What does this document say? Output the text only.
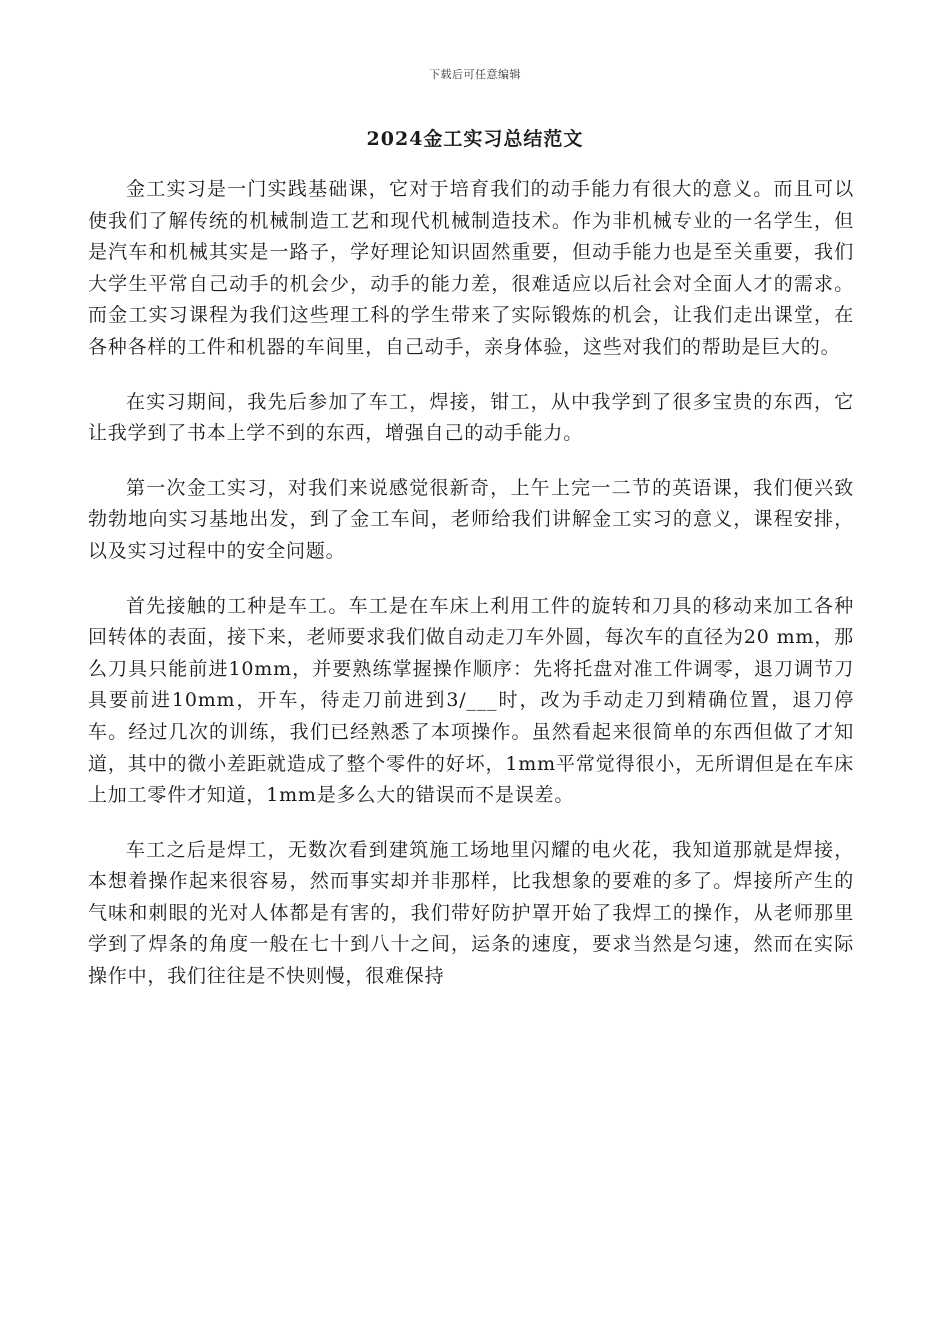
下载后可任意编辑
2024金工实习总结范文

金工实习是一门实践基础课，它对于培育我们的动手能力有很大的意义。而且可以使我们了解传统的机械制造工艺和现代机械制造技术。作为非机械专业的一名学生，但是汽车和机械其实是一路子，学好理论知识固然重要，但动手能力也是至关重要，我们大学生平常自己动手的机会少，动手的能力差，很难适应以后社会对全面人才的需求。而金工实习课程为我们这些理工科的学生带来了实际锻炼的机会，让我们走出课堂，在各种各样的工件和机器的车间里，自己动手，亲身体验，这些对我们的帮助是巨大的。

在实习期间，我先后参加了车工，焊接，钳工，从中我学到了很多宝贵的东西，它让我学到了书本上学不到的东西，增强自己的动手能力。

第一次金工实习，对我们来说感觉很新奇，上午上完一二节的英语课，我们便兴致勃勃地向实习基地出发，到了金工车间，老师给我们讲解金工实习的意义，课程安排，以及实习过程中的安全问题。

首先接触的工种是车工。车工是在车床上利用工件的旋转和刀具的移动来加工各种回转体的表面，接下来，老师要求我们做自动走刀车外圆，每次车的直径为20 mm，那么刀具只能前进10mm，并要熟练掌握操作顺序：先将托盘对准工件调零，退刀调节刀具要前进10mm，开车，待走刀前进到3/___时，改为手动走刀到精确位置，退刀停车。经过几次的训练，我们已经熟悉了本项操作。虽然看起来很简单的东西但做了才知道，其中的微小差距就造成了整个零件的好坏，1mm平常觉得很小，无所谓但是在车床上加工零件才知道，1mm是多么大的错误而不是误差。

车工之后是焊工，无数次看到建筑施工场地里闪耀的电火花，我知道那就是焊接，本想着操作起来很容易，然而事实却并非那样，比我想象的要难的多了。焊接所产生的气味和刺眼的光对人体都是有害的，我们带好防护罩开始了我焊工的操作，从老师那里学到了焊条的角度一般在七十到八十之间，运条的速度，要求当然是匀速，然而在实际操作中，我们往往是不快则慢，很难保持
